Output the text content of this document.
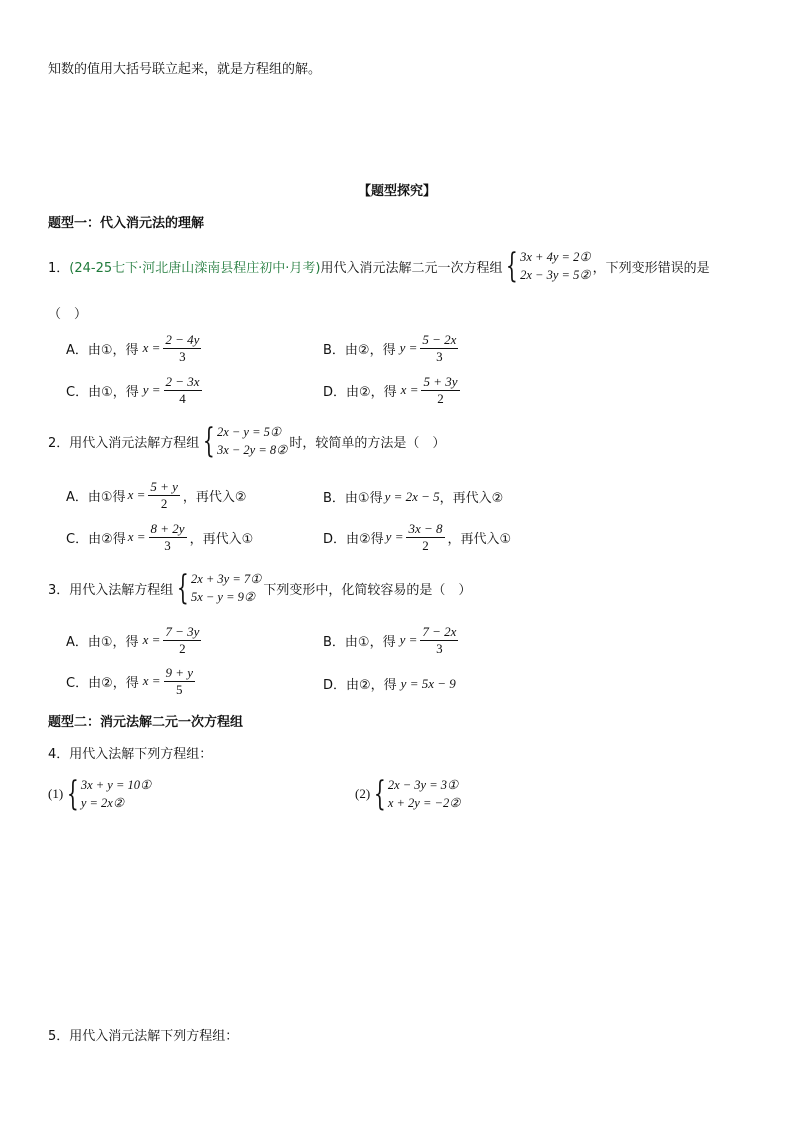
知数的值用大括号联立起来，就是方程组的解。
【题型探究】
题型一：代入消元法的理解
1． (24-25七下·河北唐山滦南县程庄初中·月考) 用代入消元法解二元一次方程组 { 3x + 4y = 2①
2x − 3y = 5② ，下列变形错误的是
（　）
A．由①，得 $x = \frac{2 - 4y}{3}$	B．由②，得 $y = \frac{5 - 2x}{3}$
C．由①，得 $y = \frac{2 - 3x}{4}$	D．由②，得 $x = \frac{5 + 3y}{2}$
2． 用代入消元法解方程组 { 2x − y = 5①
3x − 2y = 8② 时，较简单的方法是（　）
A．由①得 $x = \frac{5 + y}{2}$ ，再代入②	B．由①得 y = 2x − 5 ，再代入②
C．由②得 $x = \frac{8 + 2y}{3}$ ，再代入①	D．由②得 $y = \frac{3x - 8}{2}$ ，再代入①
3． 用代入法解方程组 { 2x + 3y = 7①
5x − y = 9② 下列变形中，化简较容易的是（　）
A．由①，得 $x = \frac{7 - 3y}{2}$	B．由①，得 $y = \frac{7 - 2x}{3}$
C．由②，得 $x = \frac{9 + y}{5}$	D．由②，得 y = 5x − 9
题型二：消元法解二元一次方程组
4．用代入法解下列方程组：
(1) { 3x + y = 10①
y = 2x②
(2) { 2x − 3y = 3①
x + 2y = −2②
5．用代入消元法解下列方程组：
